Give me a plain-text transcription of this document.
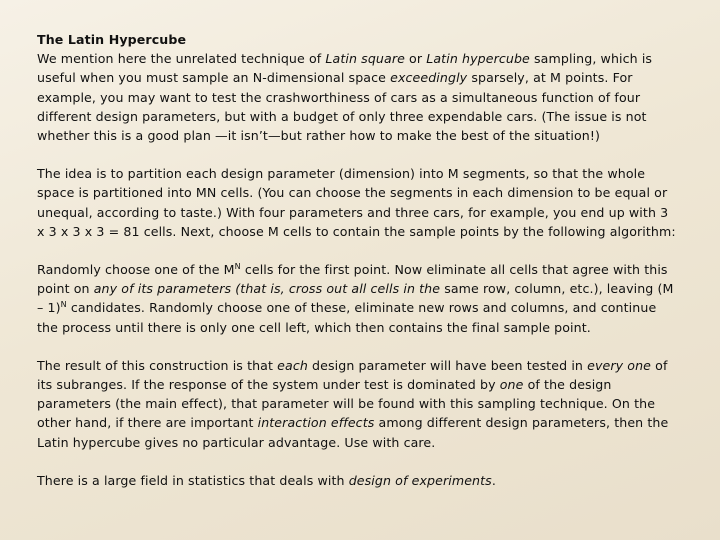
The Latin Hypercube

We mention here the unrelated technique of Latin square or Latin hypercube sampling, which is useful when you must sample an N-dimensional space exceedingly sparsely, at M points. For example, you may want to test the crashworthiness of cars as a simultaneous function of four different design parameters, but with a budget of only three expendable cars. (The issue is not whether this is a good plan —it isn’t—but rather how to make the best of the situation!)

The idea is to partition each design parameter (dimension) into M segments, so that the whole space is partitioned into MN cells. (You can choose the segments in each dimension to be equal or unequal, according to taste.) With four parameters and three cars, for example, you end up with 3 x 3 x 3 x 3 = 81 cells. Next, choose M cells to contain the sample points by the following algorithm:

Randomly choose one of the $M^N$ cells for the first point. Now eliminate all cells that agree with this point on any of its parameters (that is, cross out all cells in the same row, column, etc.), leaving (M – 1)$^N$ candidates. Randomly choose one of these, eliminate new rows and columns, and continue the process until there is only one cell left, which then contains the final sample point.

The result of this construction is that each design parameter will have been tested in every one of its subranges. If the response of the system under test is dominated by one of the design parameters (the main effect), that parameter will be found with this sampling technique. On the other hand, if there are important interaction effects among different design parameters, then the Latin hypercube gives no particular advantage. Use with care.

There is a large field in statistics that deals with design of experiments.
